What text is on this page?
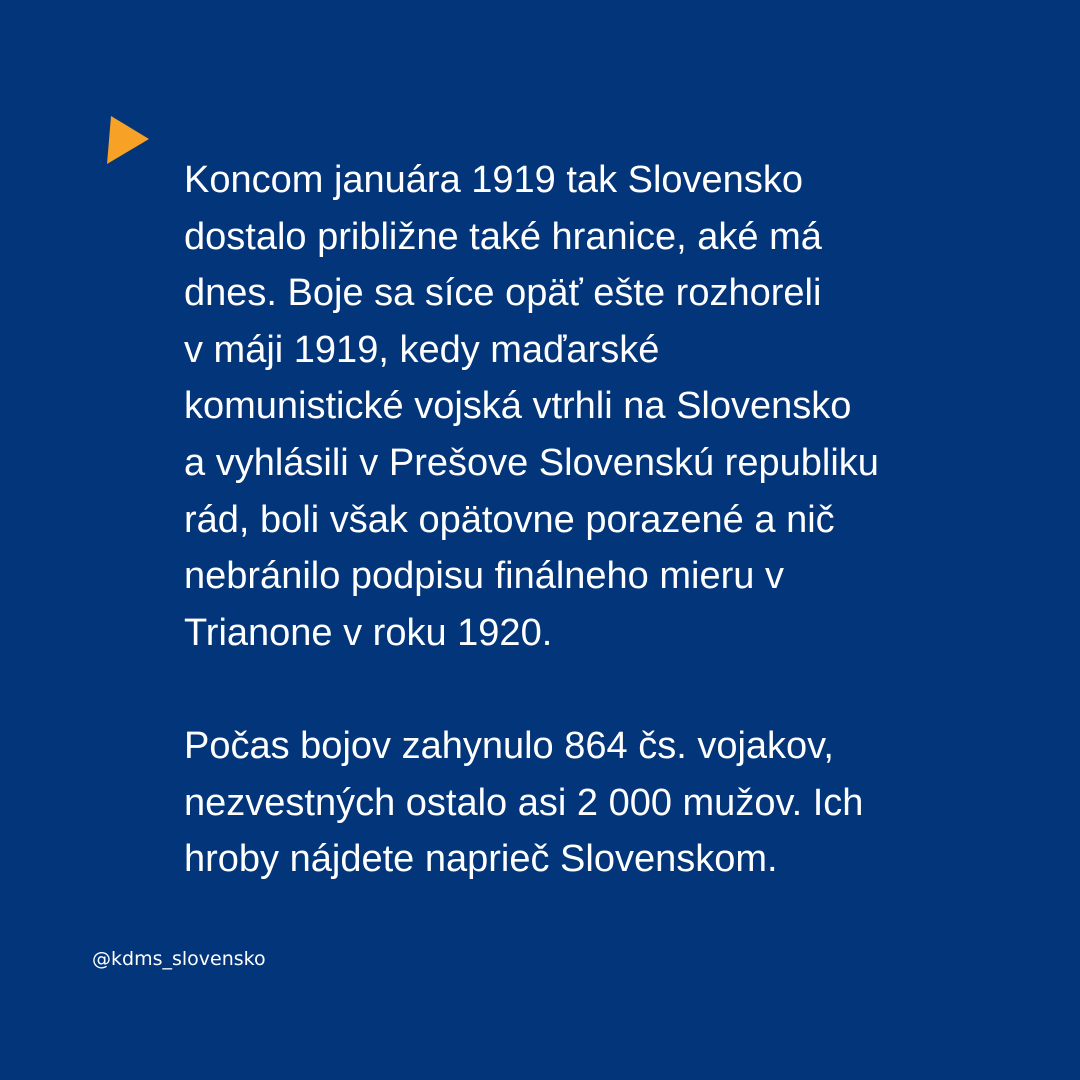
Koncom januára 1919 tak Slovensko
dostalo približne také hranice, aké má
dnes. Boje sa síce opäť ešte rozhoreli
v máji 1919, kedy maďarské
komunistické vojská vtrhli na Slovensko
a vyhlásili v Prešove Slovenskú republiku
rád, boli však opätovne porazené a nič
nebránilo podpisu finálneho mieru v
Trianone v roku 1920.

Počas bojov zahynulo 864 čs. vojakov,
nezvestných ostalo asi 2 000 mužov. Ich
hroby nájdete naprieč Slovenskom.

@kdms_slovensko
